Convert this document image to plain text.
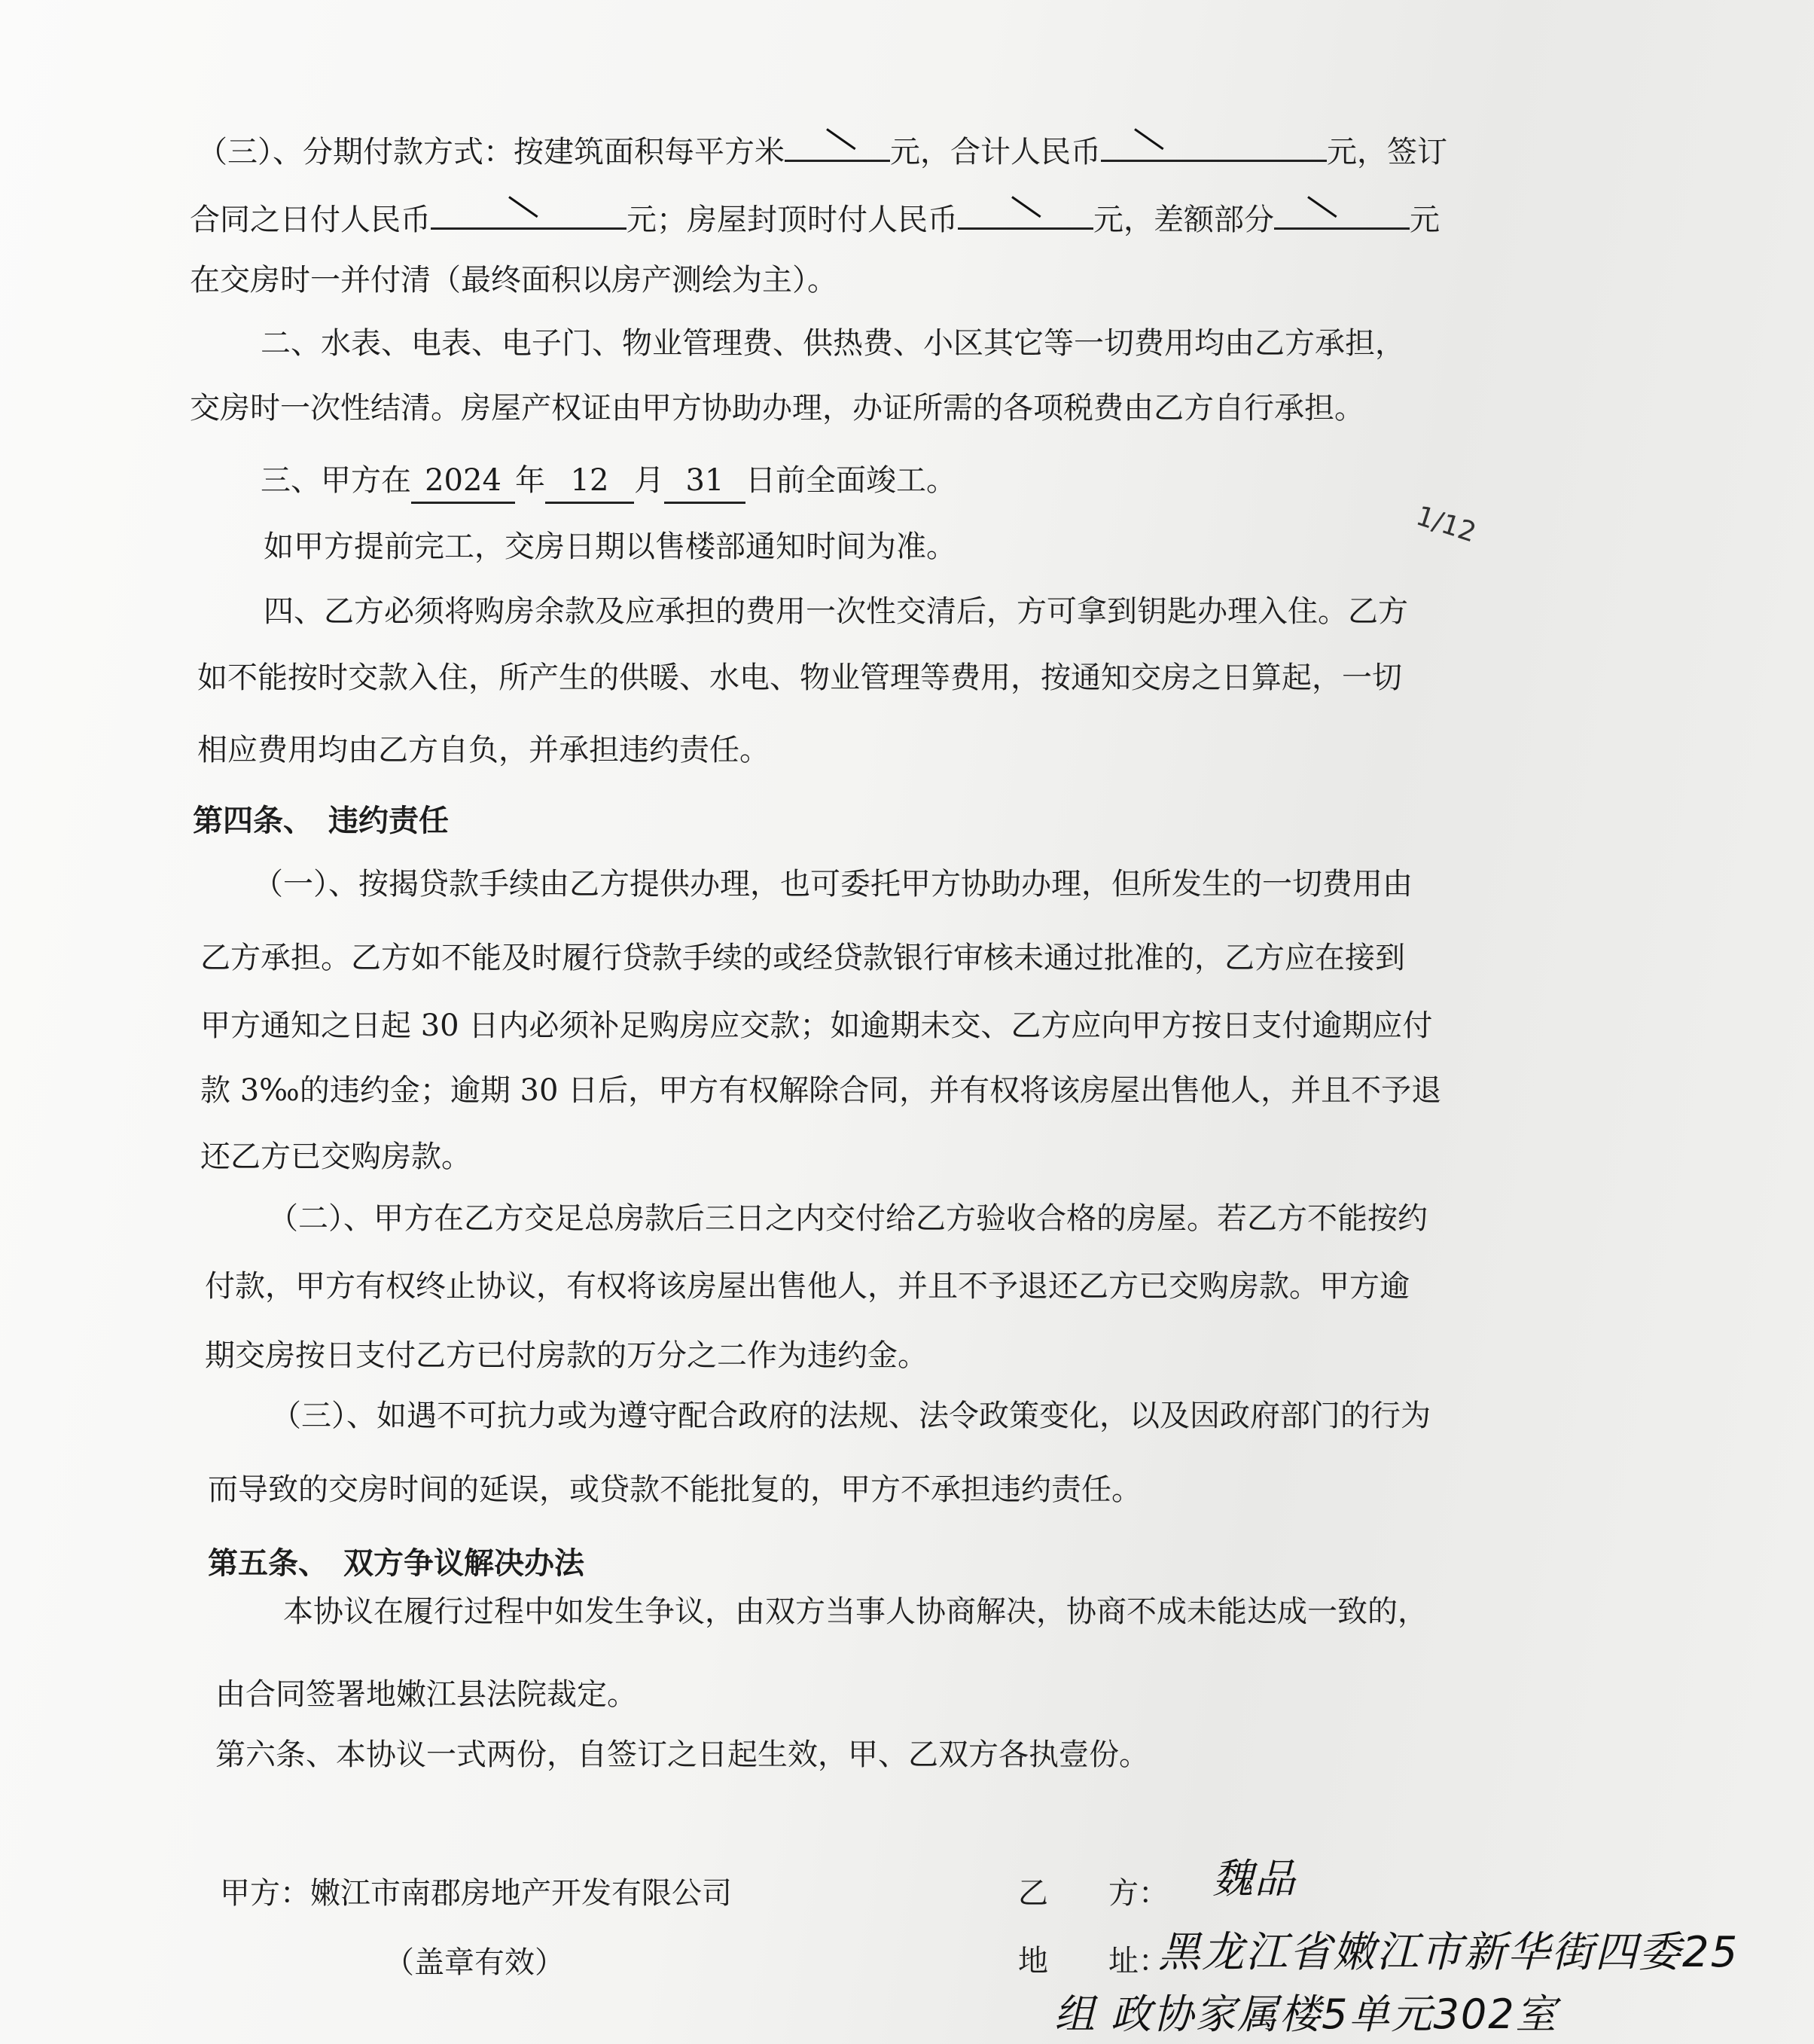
（三）、分期付款方式：按建筑面积每平方米	元，合计人民币	元，签订
合同之日付人民币	元；房屋封顶时付人民币	元，差额部分	元
在交房时一并付清（最终面积以房产测绘为主）。
二、水表、电表、电子门、物业管理费、供热费、小区其它等一切费用均由乙方承担，
交房时一次性结清。房屋产权证由甲方协助办理，办证所需的各项税费由乙方自行承担。
三、甲方在 2024 年 12 月 31 日前全面竣工。
如甲方提前完工，交房日期以售楼部通知时间为准。	1/12
四、乙方必须将购房余款及应承担的费用一次性交清后，方可拿到钥匙办理入住。乙方
如不能按时交款入住，所产生的供暖、水电、物业管理等费用，按通知交房之日算起，一切
相应费用均由乙方自负，并承担违约责任。
第四条、　违约责任
（一）、按揭贷款手续由乙方提供办理，也可委托甲方协助办理，但所发生的一切费用由
乙方承担。乙方如不能及时履行贷款手续的或经贷款银行审核未通过批准的，乙方应在接到
甲方通知之日起 30 日内必须补足购房应交款；如逾期未交、乙方应向甲方按日支付逾期应付
款 3‰的违约金；逾期 30 日后，甲方有权解除合同，并有权将该房屋出售他人，并且不予退
还乙方已交购房款。
（二）、甲方在乙方交足总房款后三日之内交付给乙方验收合格的房屋。若乙方不能按约
付款，甲方有权终止协议，有权将该房屋出售他人，并且不予退还乙方已交购房款。甲方逾
期交房按日支付乙方已付房款的万分之二作为违约金。
（三）、如遇不可抗力或为遵守配合政府的法规、法令政策变化，以及因政府部门的行为
而导致的交房时间的延误，或贷款不能批复的，甲方不承担违约责任。
第五条、　双方争议解决办法
本协议在履行过程中如发生争议，由双方当事人协商解决，协商不成未能达成一致的，
由合同签署地嫩江县法院裁定。
第六条、本协议一式两份，自签订之日起生效，甲、乙双方各执壹份。
甲方：嫩江市南郡房地产开发有限公司
（盖章有效）
乙　　方： 魏品
地　　址：
黑龙江省嫩江市新华街四委25
组 政协家属楼5单元302室
